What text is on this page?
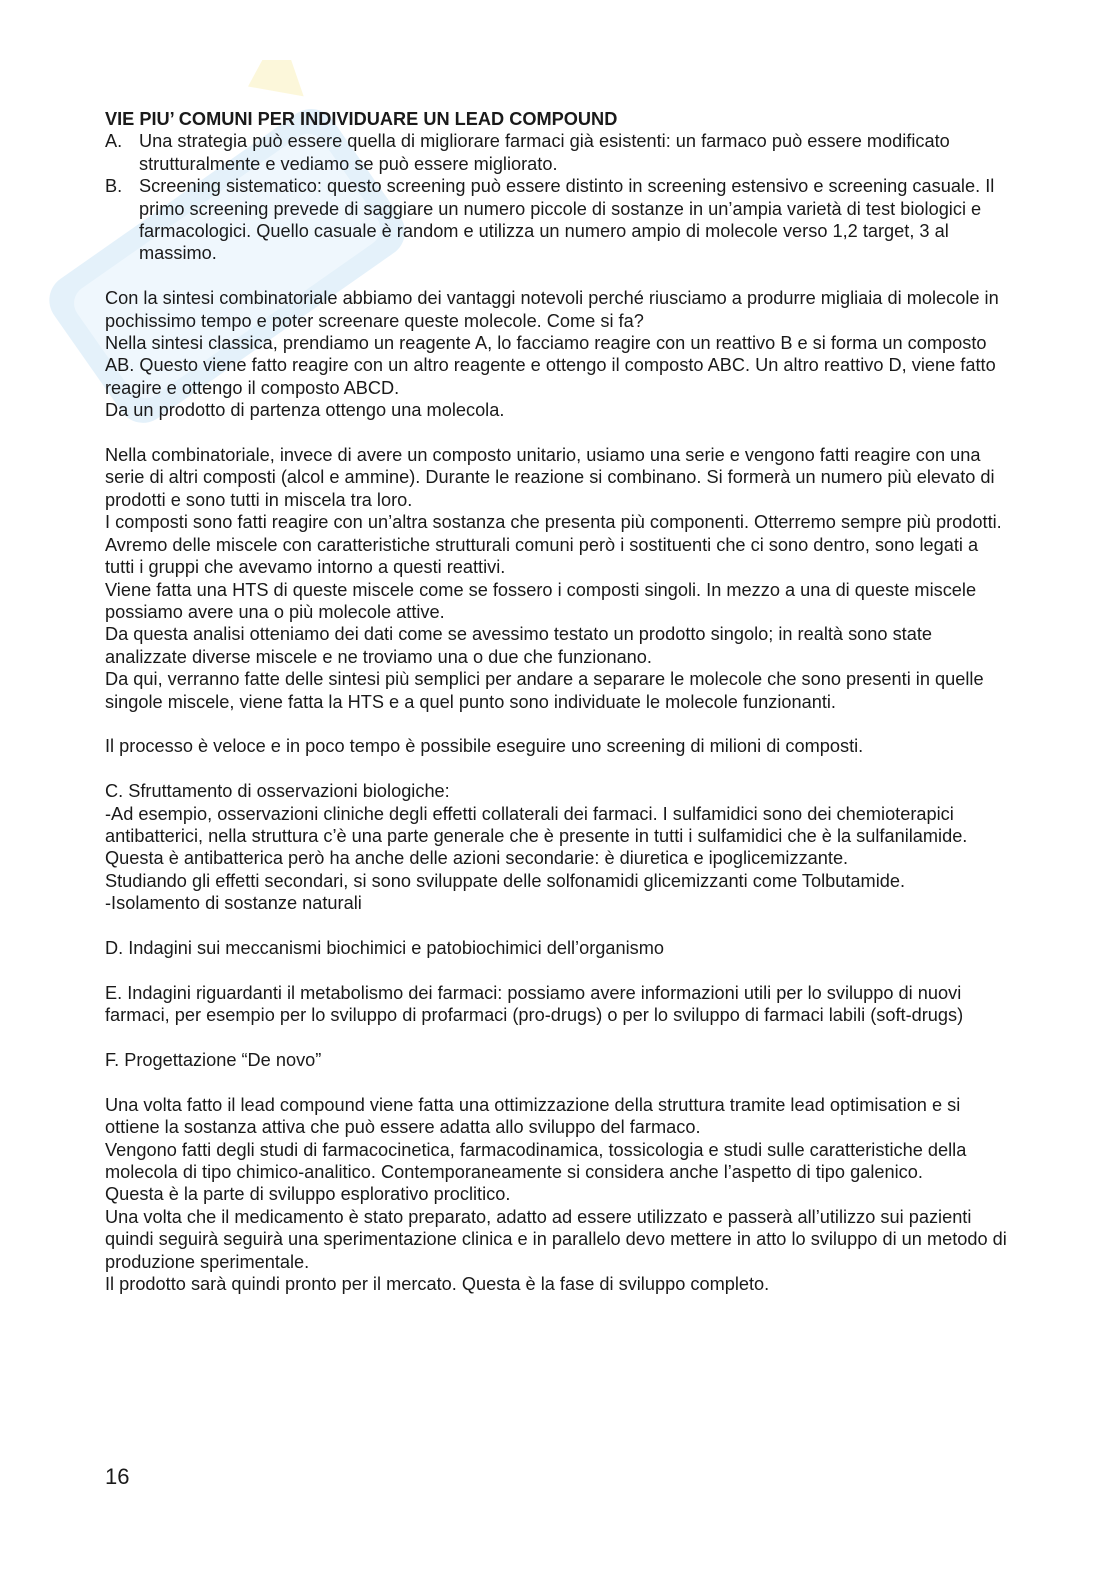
VIE PIU’ COMUNI PER INDIVIDUARE UN LEAD COMPOUND

A. Una strategia può essere quella di migliorare farmaci già esistenti: un farmaco può essere modificato strutturalmente e vediamo se può essere migliorato.
B. Screening sistematico: questo screening può essere distinto in screening estensivo e screening casuale. Il primo screening prevede di saggiare un numero piccole di sostanze in un’ampia varietà di test biologici e farmacologici. Quello casuale è random e utilizza un numero ampio di molecole verso 1,2 target, 3 al massimo.

Con la sintesi combinatoriale abbiamo dei vantaggi notevoli perché riusciamo a produrre migliaia di molecole in pochissimo tempo e poter screenare queste molecole. Come si fa?

Nella sintesi classica, prendiamo un reagente A, lo facciamo reagire con un reattivo B e si forma un composto AB. Questo viene fatto reagire con un altro reagente e ottengo il composto ABC. Un altro reattivo D, viene fatto reagire e ottengo il composto ABCD.

Da un prodotto di partenza ottengo una molecola.

Nella combinatoriale, invece di avere un composto unitario, usiamo una serie e vengono fatti reagire con una serie di altri composti (alcol e ammine). Durante le reazione si combinano. Si formerà un numero più elevato di prodotti e sono tutti in miscela tra loro.

I composti sono fatti reagire con un’altra sostanza che presenta più componenti. Otterremo sempre più prodotti.

Avremo delle miscele con caratteristiche strutturali comuni però i sostituenti che ci sono dentro, sono legati a tutti i gruppi che avevamo intorno a questi reattivi.

Viene fatta una HTS di queste miscele come se fossero i composti singoli. In mezzo a una di queste miscele possiamo avere una o più molecole attive.

Da questa analisi otteniamo dei dati come se avessimo testato un prodotto singolo; in realtà sono state analizzate diverse miscele e ne troviamo una o due che funzionano.

Da qui, verranno fatte delle sintesi più semplici per andare a separare le molecole che sono presenti in quelle singole miscele, viene fatta la HTS e a quel punto sono individuate le molecole funzionanti.

Il processo è veloce e in poco tempo è possibile eseguire uno screening di milioni di composti.

C. Sfruttamento di osservazioni biologiche:

-Ad esempio, osservazioni cliniche degli effetti collaterali dei farmaci. I sulfamidici sono dei chemioterapici antibatterici, nella struttura c’è una parte generale che è presente in tutti i sulfamidici che è la sulfanilamide. Questa è antibatterica però ha anche delle azioni secondarie: è diuretica e ipoglicemizzante.

Studiando gli effetti secondari, si sono sviluppate delle solfonamidi glicemizzanti come Tolbutamide.

-Isolamento di sostanze naturali

D. Indagini sui meccanismi biochimici e patobiochimici dell’organismo

E. Indagini riguardanti il metabolismo dei farmaci: possiamo avere informazioni utili per lo sviluppo di nuovi farmaci, per esempio per lo sviluppo di profarmaci (pro-drugs) o per lo sviluppo di farmaci labili (soft-drugs)

F. Progettazione “De novo”

Una volta fatto il lead compound viene fatta una ottimizzazione della struttura tramite lead optimisation e si ottiene la sostanza attiva che può essere adatta allo sviluppo del farmaco.

Vengono fatti degli studi di farmacocinetica, farmacodinamica, tossicologia e studi sulle caratteristiche della molecola di tipo chimico-analitico. Contemporaneamente si considera anche l’aspetto di tipo galenico.

Questa è la parte di sviluppo esplorativo proclitico.

Una volta che il medicamento è stato preparato, adatto ad essere utilizzato e passerà all’utilizzo sui pazienti quindi seguirà seguirà una sperimentazione clinica e in parallelo devo mettere in atto lo sviluppo di un metodo di produzione sperimentale.

Il prodotto sarà quindi pronto per il mercato. Questa è la fase di sviluppo completo.

16
